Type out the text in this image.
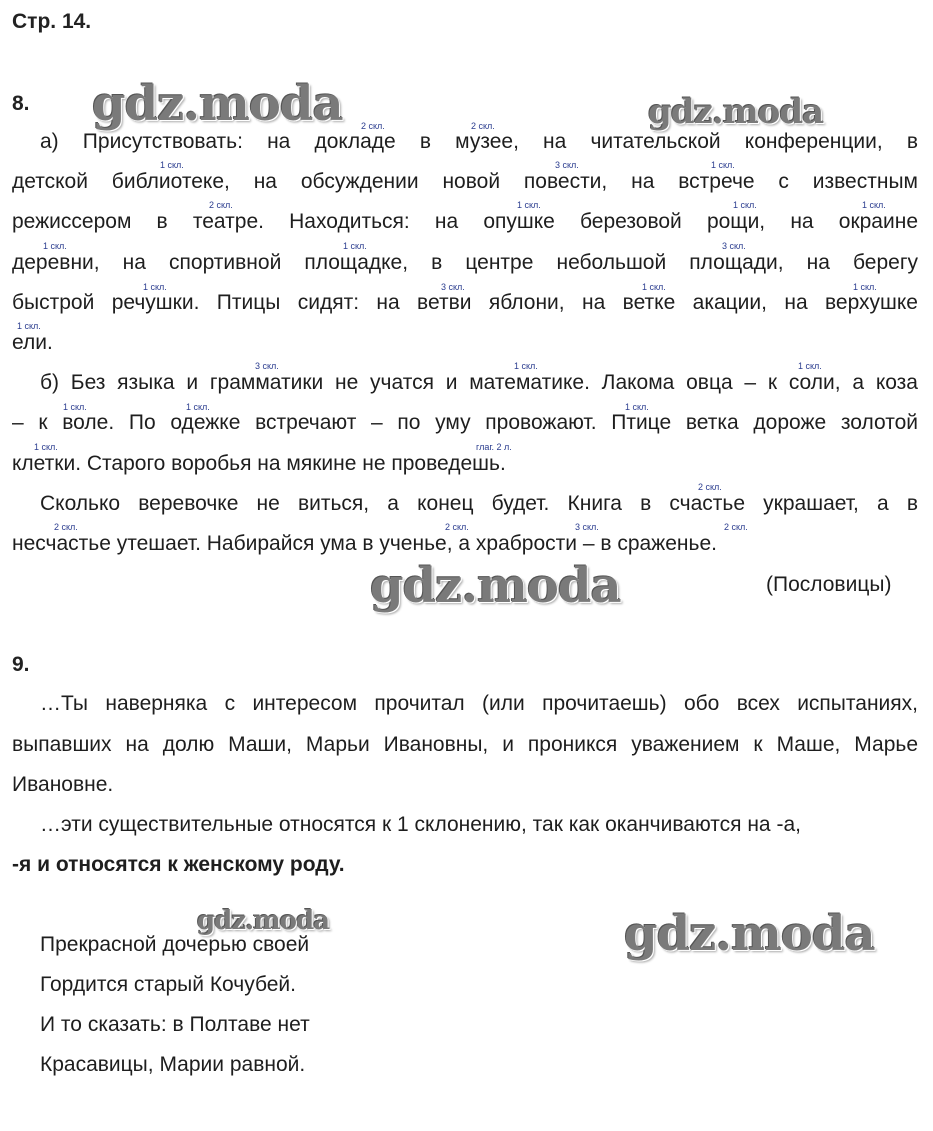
Стр. 14.
8.
а) Присутствовать: на докладе в музее, на читательской конференции, в
детской библиотеке, на обсуждении новой повести, на встрече с известным
режиссером в театре. Находиться: на опушке березовой рощи, на окраине
деревни, на спортивной площадке, в центре небольшой площади, на берегу
быстрой речушки. Птицы сидят: на ветви яблони, на ветке акации, на верхушке
ели.
б) Без языка и грамматики не учатся и математике. Лакома овца – к соли, а коза
– к воле. По одежке встречают – по уму провожают. Птице ветка дороже золотой
клетки. Старого воробья на мякине не проведешь.
Сколько веревочке не виться, а конец будет. Книга в счастье украшает, а в
несчастье утешает. Набирайся ума в ученье, а храбрости – в сраженье.
(Пословицы)
9.
…Ты наверняка с интересом прочитал (или прочитаешь) обо всех испытаниях,
выпавших на долю Маши, Марьи Ивановны, и проникся уважением к Маше, Марье
Ивановне.
…эти существительные относятся к 1 склонению, так как оканчиваются на -а,
-я и относятся к женскому роду.
Прекрасной дочерью своей
Гордится старый Кочубей.
И то сказать: в Полтаве нет
Красавицы, Марии равной.
2 скл.	2 скл.
1 скл.	3 скл.	1 скл.
2 скл.	1 скл.	1 скл.	1 скл.
1 скл.	1 скл.	3 скл.
1 скл.	1 скл.
3 скл.	1 скл.
1 скл.
3 скл.	1 скл.	1 скл.
1 скл.	1 скл.	1 скл.
глаг. 2 л.
1 скл.
2 скл.	2 скл.	2 скл.
3 скл.
2 скл.
gdz.moda	gdz.moda
gdz.moda
gdz.moda	gdz.moda
